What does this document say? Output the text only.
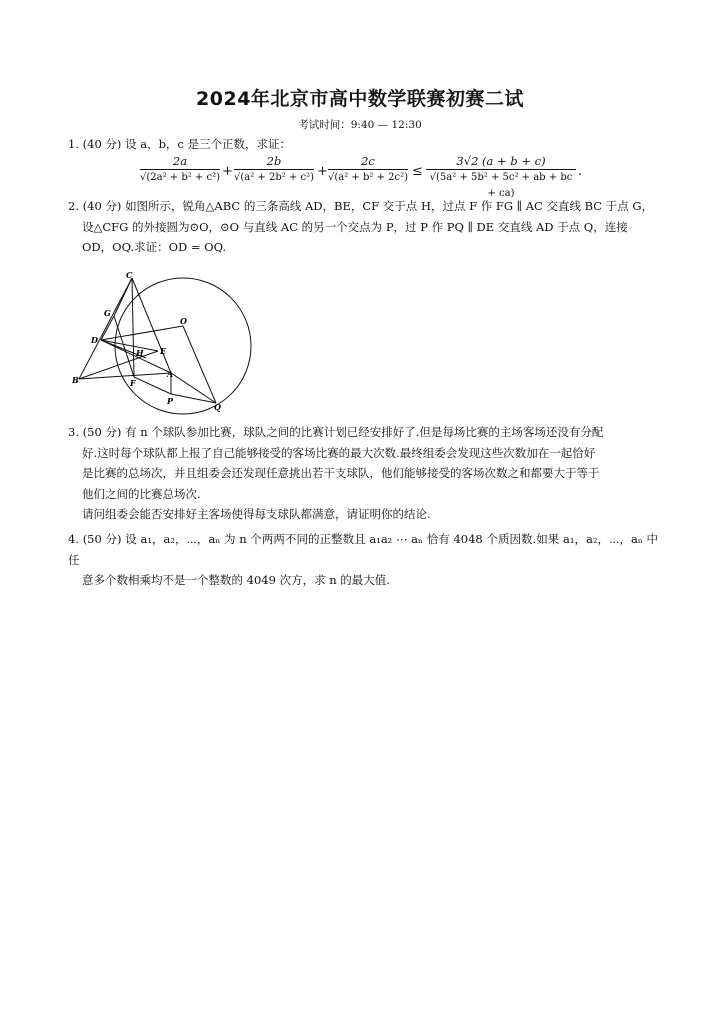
2024年北京市高中数学联赛初赛二试
考试时间：9:40 — 12:30
1. (40 分) 设 a，b，c 是三个正数，求证：
2a
√(2a² + b² + c²) +
2b
√(a² + 2b² + c²) +
2c
√(a² + b² + 2c²) ≤
3√2 (a + b + c)
√(5a² + 5b² + 5c² + ab + bc + ca)
.
2. (40 分) 如图所示，锐角△ABC 的三条高线 AD，BE，CF 交于点 H，过点 F 作 FG ∥ AC 交直线 BC 于点 G，
设△CFG 的外接圆为⊙O，⊙O 与直线 AC 的另一个交点为 P，过 P 作 PQ ∥ DE 交直线 AD 于点 Q，连接
OD，OQ.求证：OD = OQ.
C
G
O
D
H E
B	F
A
P
Q
3. (50 分) 有 n 个球队参加比赛，球队之间的比赛计划已经安排好了.但是每场比赛的主场客场还没有分配
好.这时每个球队都上报了自己能够接受的客场比赛的最大次数.最终组委会发现这些次数加在一起恰好
是比赛的总场次，并且组委会还发现任意挑出若干支球队，他们能够接受的客场次数之和都要大于等于
他们之间的比赛总场次.
请问组委会能否安排好主客场使得每支球队都满意，请证明你的结论.
4. (50 分) 设 a₁，a₂，⋯，aₙ 为 n 个两两不同的正整数且 a₁a₂ ⋯ aₙ 恰有 4048 个质因数.如果 a₁，a₂，⋯，aₙ 中任
意多个数相乘均不是一个整数的 4049 次方，求 n 的最大值.
